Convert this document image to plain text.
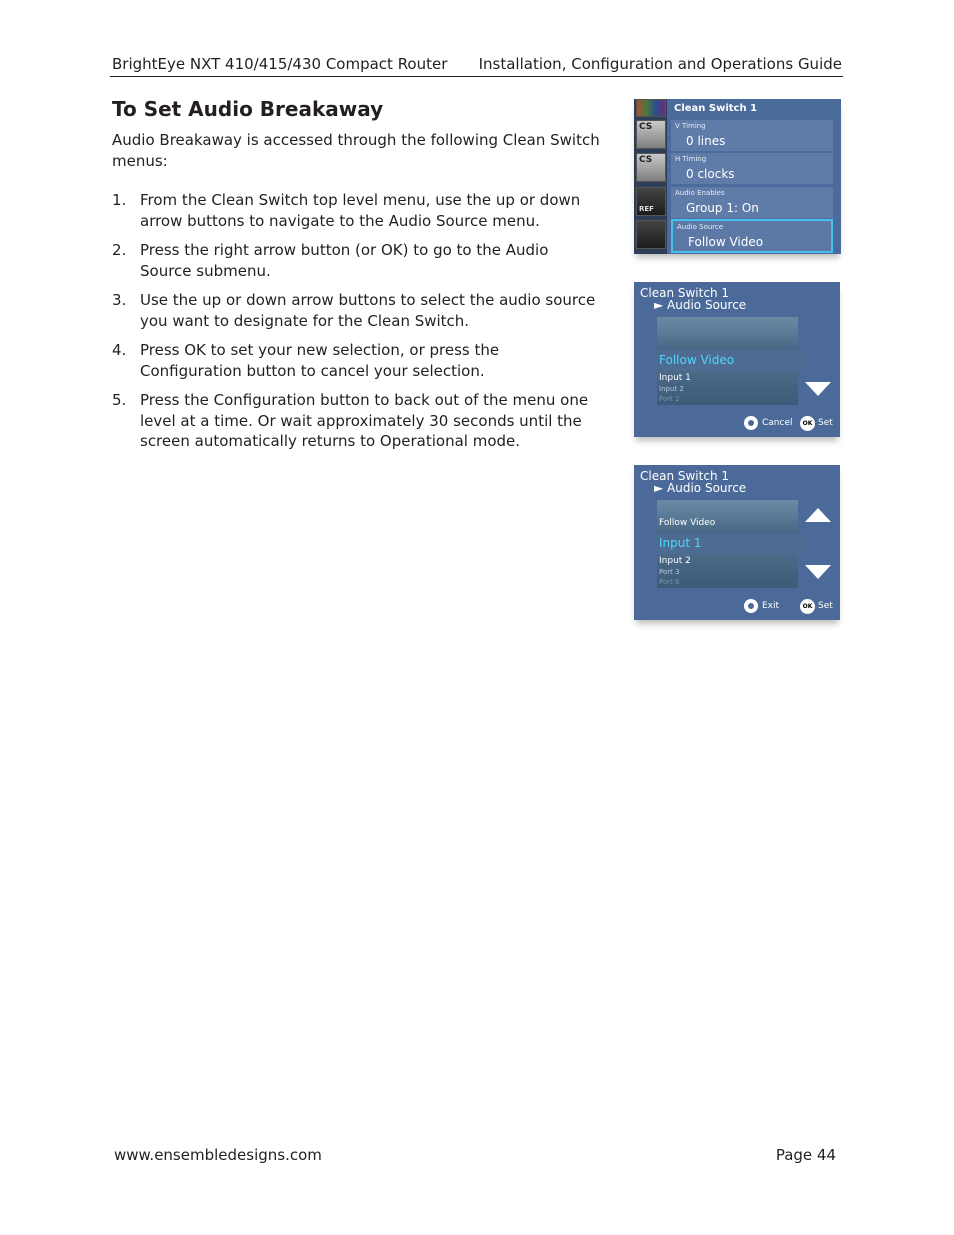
BrightEye NXT 410/415/430 Compact Router Installation, Configuration and Operations Guide
To Set Audio Breakaway

Audio Breakaway is accessed through the following Clean Switch menus:

1. From the Clean Switch top level menu, use the up or down arrow buttons to navigate to the Audio Source menu.
2. Press the right arrow button (or OK) to go to the Audio Source submenu.
3. Use the up or down arrow buttons to select the audio source you want to designate for the Clean Switch.
4. Press OK to set your new selection, or press the Configuration button to cancel your selection.
5. Press the Configuration button to back out of the menu one level at a time. Or wait approximately 30 seconds until the screen automatically returns to Operational mode.
CS
CS
REF
Clean Switch 1
V Timing
0 lines
H Timing
0 clocks
Audio Enables
Group 1: On
Audio Source
Follow Video
Clean Switch 1
► Audio Source
Follow Video
Input 1
Input 2
Port 2
Cancel	OK Set
Clean Switch 1
► Audio Source
Follow Video
Input 1
Input 2
Port 3
Port 6
Exit	OK Set
www.ensembledesigns.com	Page 44
